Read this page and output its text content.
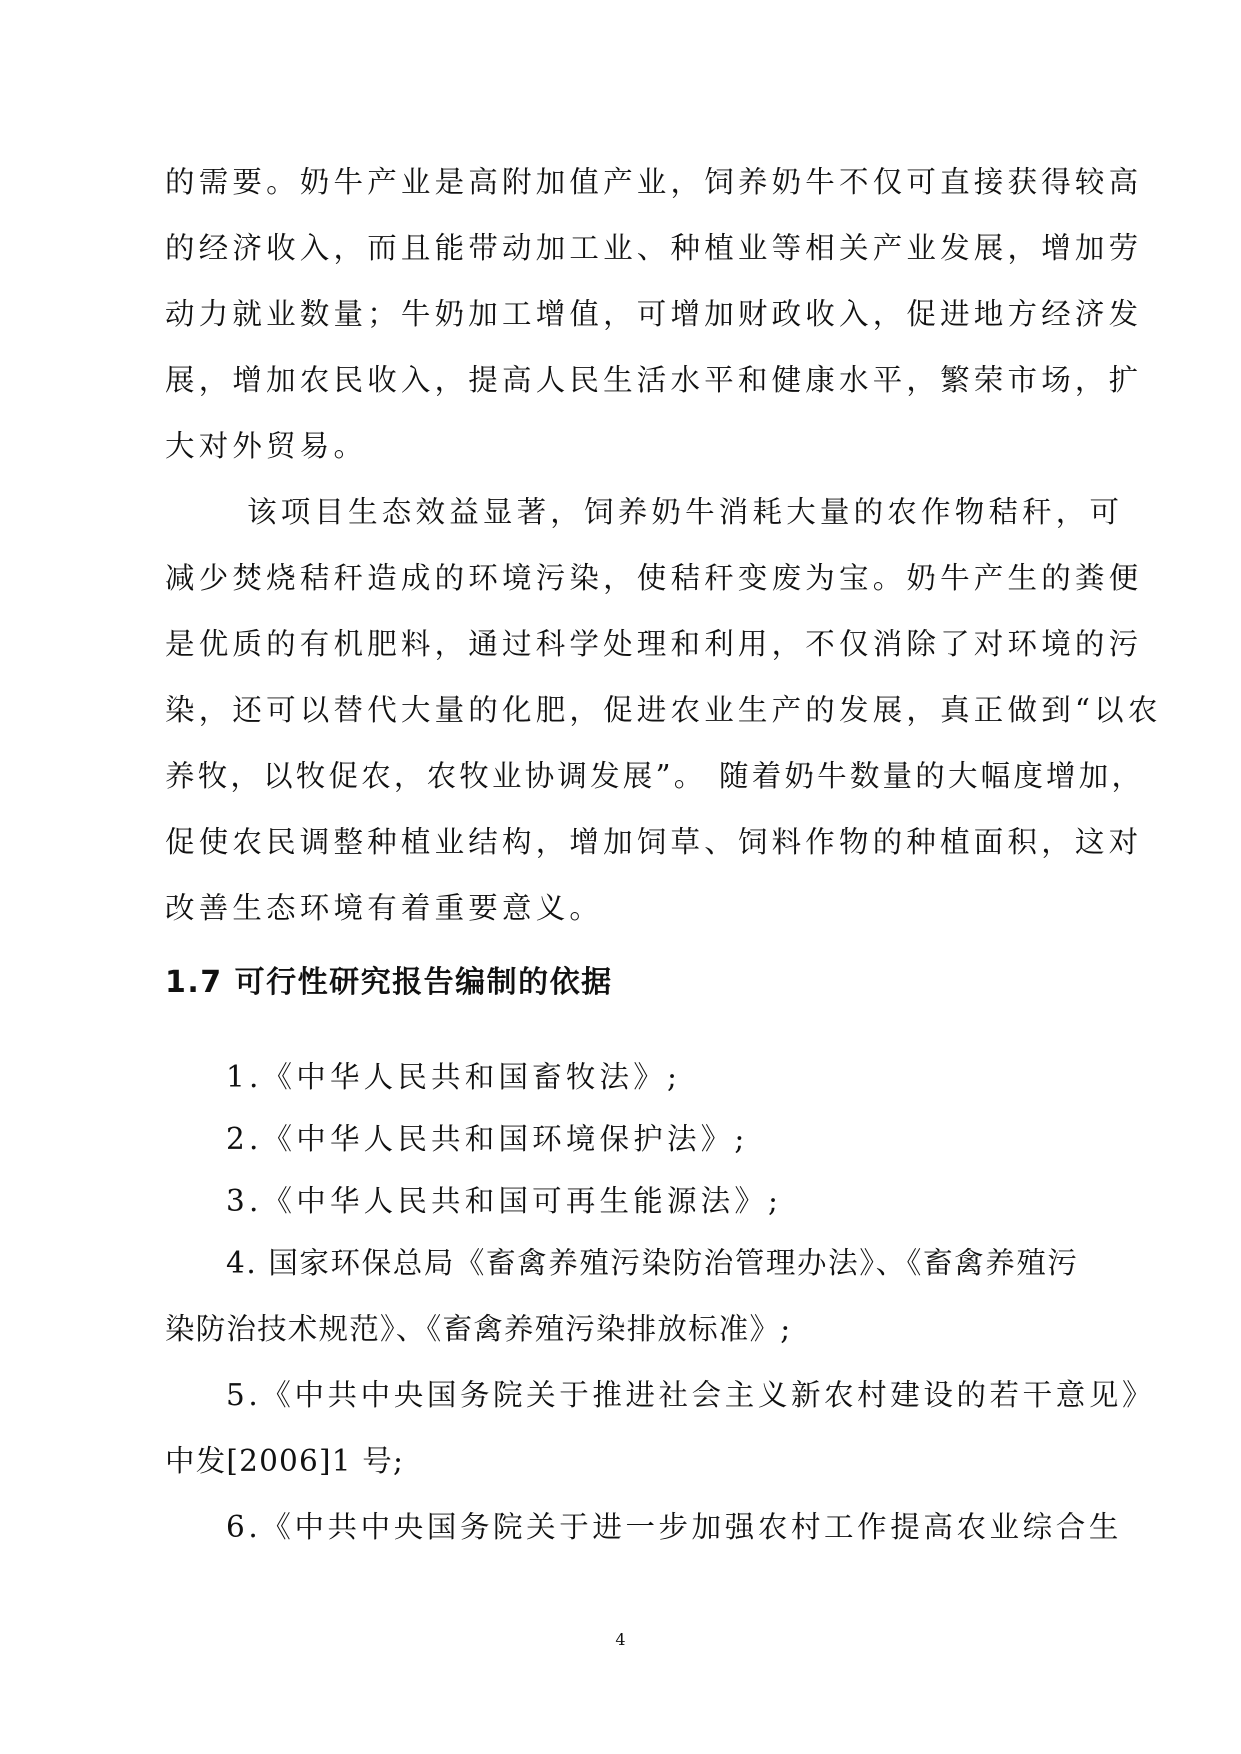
的需要。奶牛产业是高附加值产业，饲养奶牛不仅可直接获得较高
的经济收入，而且能带动加工业、种植业等相关产业发展，增加劳
动力就业数量；牛奶加工增值，可增加财政收入，促进地方经济发
展，增加农民收入，提高人民生活水平和健康水平，繁荣市场，扩
大对外贸易。
该项目生态效益显著，饲养奶牛消耗大量的农作物秸秆，可
减少焚烧秸秆造成的环境污染，使秸秆变废为宝。奶牛产生的粪便
是优质的有机肥料，通过科学处理和利用，不仅消除了对环境的污
染，还可以替代大量的化肥，促进农业生产的发展，真正做到“以农
养牧，以牧促农，农牧业协调发展”。 随着奶牛数量的大幅度增加，
促使农民调整种植业结构，增加饲草、饲料作物的种植面积，这对
改善生态环境有着重要意义。
1.7 可行性研究报告编制的依据
1.《中华人民共和国畜牧法》;
2.《中华人民共和国环境保护法》;
3.《中华人民共和国可再生能源法》;
4. 国家环保总局《畜禽养殖污染防治管理办法》、《畜禽养殖污
染防治技术规范》、《畜禽养殖污染排放标准》;
5.《中共中央国务院关于推进社会主义新农村建设的若干意见》
中发[2006]1 号;
6.《中共中央国务院关于进一步加强农村工作提高农业综合生
4
